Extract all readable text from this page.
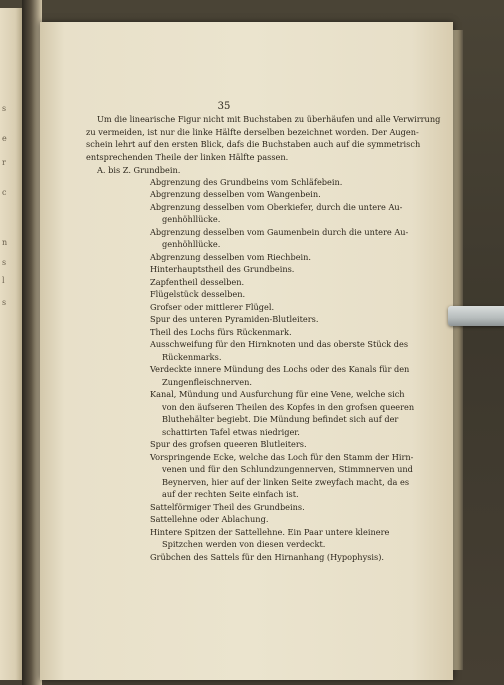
s
e
r
c
n
s
l
s
35
Um die linearische Figur nicht mit Buchstaben zu überhäufen und alle Verwirrung
zu vermeiden, ist nur die linke Hälfte derselben bezeichnet worden. Der Augen-
schein lehrt auf den ersten Blick, dafs die Buchstaben auch auf die symmetrisch
entsprechenden Theile der linken Hälfte passen.
A. bis Z. Grundbein.
Abgrenzung des Grundbeins vom Schläfebein.
Abgrenzung desselben vom Wangenbein.
Abgrenzung desselben vom Oberkiefer, durch die untere Au-
genhöhllücke.
Abgrenzung desselben vom Gaumenbein durch die untere Au-
genhöhllücke.
Abgrenzung desselben vom Riechbein.
Hinterhauptstheil des Grundbeins.
Zapfentheil desselben.
Flügelstück desselben.
Grofser oder mittlerer Flügel.
Spur des unteren Pyramiden-Blutleiters.
Theil des Lochs fürs Rückenmark.
Ausschweifung für den Hirnknoten und das oberste Stück des
Rückenmarks.
Verdeckte innere Mündung des Lochs oder des Kanals für den
Zungenfleischnerven.
Kanal, Mündung und Ausfurchung für eine Vene, welche sich
von den äufseren Theilen des Kopfes in den grofsen queeren
Bluthehälter begiebt. Die Mündung befindet sich auf der
schattirten Tafel etwas niedriger.
Spur des grofsen queeren Blutleiters.
Vorspringende Ecke, welche das Loch für den Stamm der Hirn-
venen und für den Schlundzungennerven, Stimmnerven und
Beynerven, hier auf der linken Seite zweyfach macht, da es
auf der rechten Seite einfach ist.
Sattelförmiger Theil des Grundbeins.
Sattellehne oder Ablachung.
Hintere Spitzen der Sattellehne. Ein Paar untere kleinere
Spitzchen werden von diesen verdeckt.
Grübchen des Sattels für den Hirnanhang (Hypophysis).
